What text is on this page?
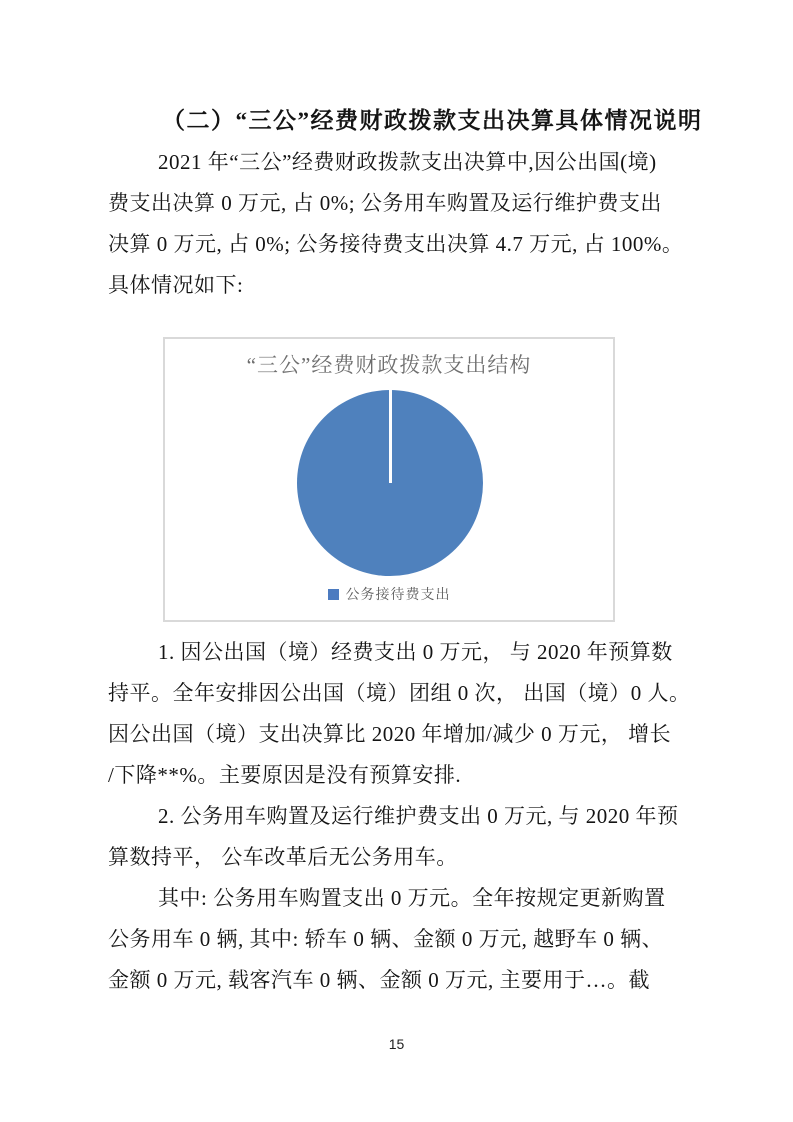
（二）“三公”经费财政拨款支出决算具体情况说明
2021 年“三公”经费财政拨款支出决算中,因公出国(境)
费支出决算 0 万元, 占 0%; 公务用车购置及运行维护费支出
决算 0 万元, 占 0%; 公务接待费支出决算 4.7 万元, 占 100%。
具体情况如下:
“三公”经费财政拨款支出结构
公务接待费支出
1. 因公出国（境）经费支出 0 万元， 与 2020 年预算数
持平。全年安排因公出国（境）团组 0 次， 出国（境）0 人。
因公出国（境）支出决算比 2020 年增加/减少 0 万元， 增长
/下降**%。主要原因是没有预算安排.
2. 公务用车购置及运行维护费支出 0 万元, 与 2020 年预
算数持平， 公车改革后无公务用车。
其中: 公务用车购置支出 0 万元。全年按规定更新购置
公务用车 0 辆, 其中: 轿车 0 辆、金额 0 万元, 越野车 0 辆、
金额 0 万元, 载客汽车 0 辆、金额 0 万元, 主要用于…。截
15
